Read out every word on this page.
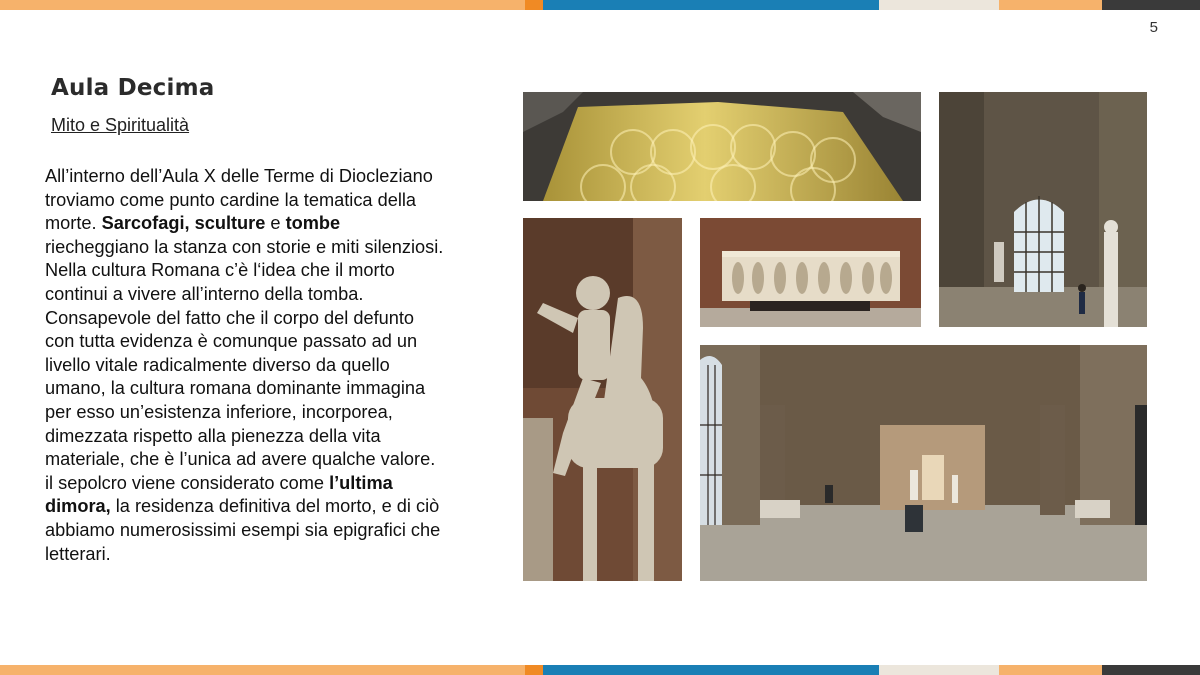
5
Aula Decima
Mito e Spiritualità

All’interno dell’Aula X delle Terme di Diocleziano troviamo come punto cardine la tematica della morte. Sarcofagi, sculture e tombe riecheggiano la stanza con storie e miti silenziosi. Nella cultura Romana c’è l‘idea che il morto continui a vivere all’interno della tomba. Consapevole del fatto che il corpo del defunto con tutta evidenza è comunque passato ad un livello vitale radicalmente diverso da quello umano, la cultura romana dominante immagina per esso un’esistenza inferiore, incorporea, dimezzata rispetto alla pienezza della vita materiale, che è l’unica ad avere qualche valore. il sepolcro viene considerato come l’ultima dimora, la residenza definitiva del morto, e di ciò abbiamo numerosissimi esempi sia epigrafici che letterari.
